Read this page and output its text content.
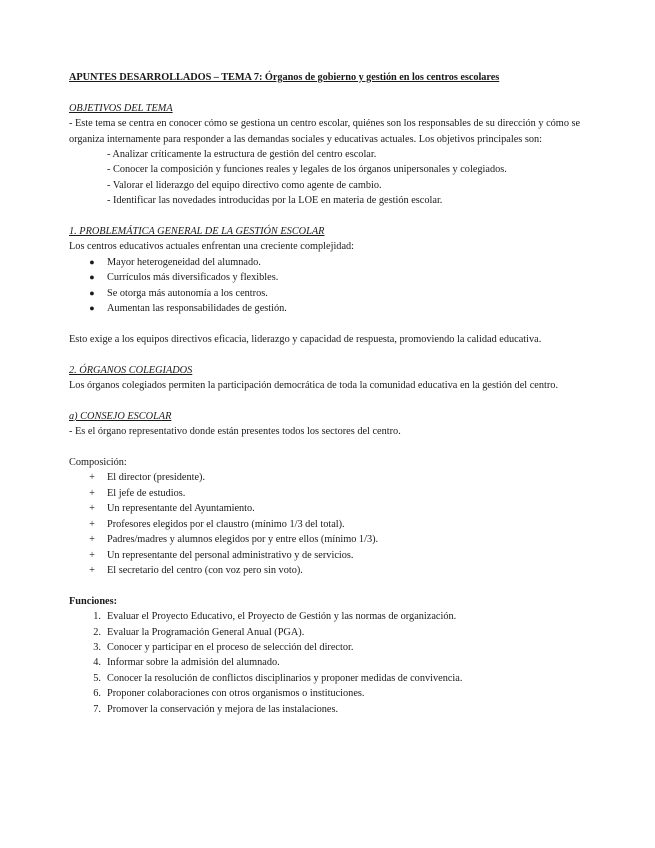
APUNTES DESARROLLADOS – TEMA 7: Órganos de gobierno y gestión en los centros escolares

OBJETIVOS DEL TEMA

- Este tema se centra en conocer cómo se gestiona un centro escolar, quiénes son los responsables de su dirección y cómo se organiza internamente para responder a las demandas sociales y educativas actuales. Los objetivos principales son:

- Analizar críticamente la estructura de gestión del centro escolar.
- Conocer la composición y funciones reales y legales de los órganos unipersonales y colegiados.
- Valorar el liderazgo del equipo directivo como agente de cambio.
- Identificar las novedades introducidas por la LOE en materia de gestión escolar.

1. PROBLEMÁTICA GENERAL DE LA GESTIÓN ESCOLAR

Los centros educativos actuales enfrentan una creciente complejidad:

● Mayor heterogeneidad del alumnado.
● Currículos más diversificados y flexibles.
● Se otorga más autonomía a los centros.
● Aumentan las responsabilidades de gestión.

Esto exige a los equipos directivos eficacia, liderazgo y capacidad de respuesta, promoviendo la calidad educativa.

2. ÓRGANOS COLEGIADOS

Los órganos colegiados permiten la participación democrática de toda la comunidad educativa en la gestión del centro.

a) CONSEJO ESCOLAR

- Es el órgano representativo donde están presentes todos los sectores del centro.

Composición:

+ El director (presidente).
+ El jefe de estudios.
+ Un representante del Ayuntamiento.
+ Profesores elegidos por el claustro (mínimo 1/3 del total).
+ Padres/madres y alumnos elegidos por y entre ellos (mínimo 1/3).
+ Un representante del personal administrativo y de servicios.
+ El secretario del centro (con voz pero sin voto).

Funciones:

1. Evaluar el Proyecto Educativo, el Proyecto de Gestión y las normas de organización.
2. Evaluar la Programación General Anual (PGA).
3. Conocer y participar en el proceso de selección del director.
4. Informar sobre la admisión del alumnado.
5. Conocer la resolución de conflictos disciplinarios y proponer medidas de convivencia.
6. Proponer colaboraciones con otros organismos o instituciones.
7. Promover la conservación y mejora de las instalaciones.
